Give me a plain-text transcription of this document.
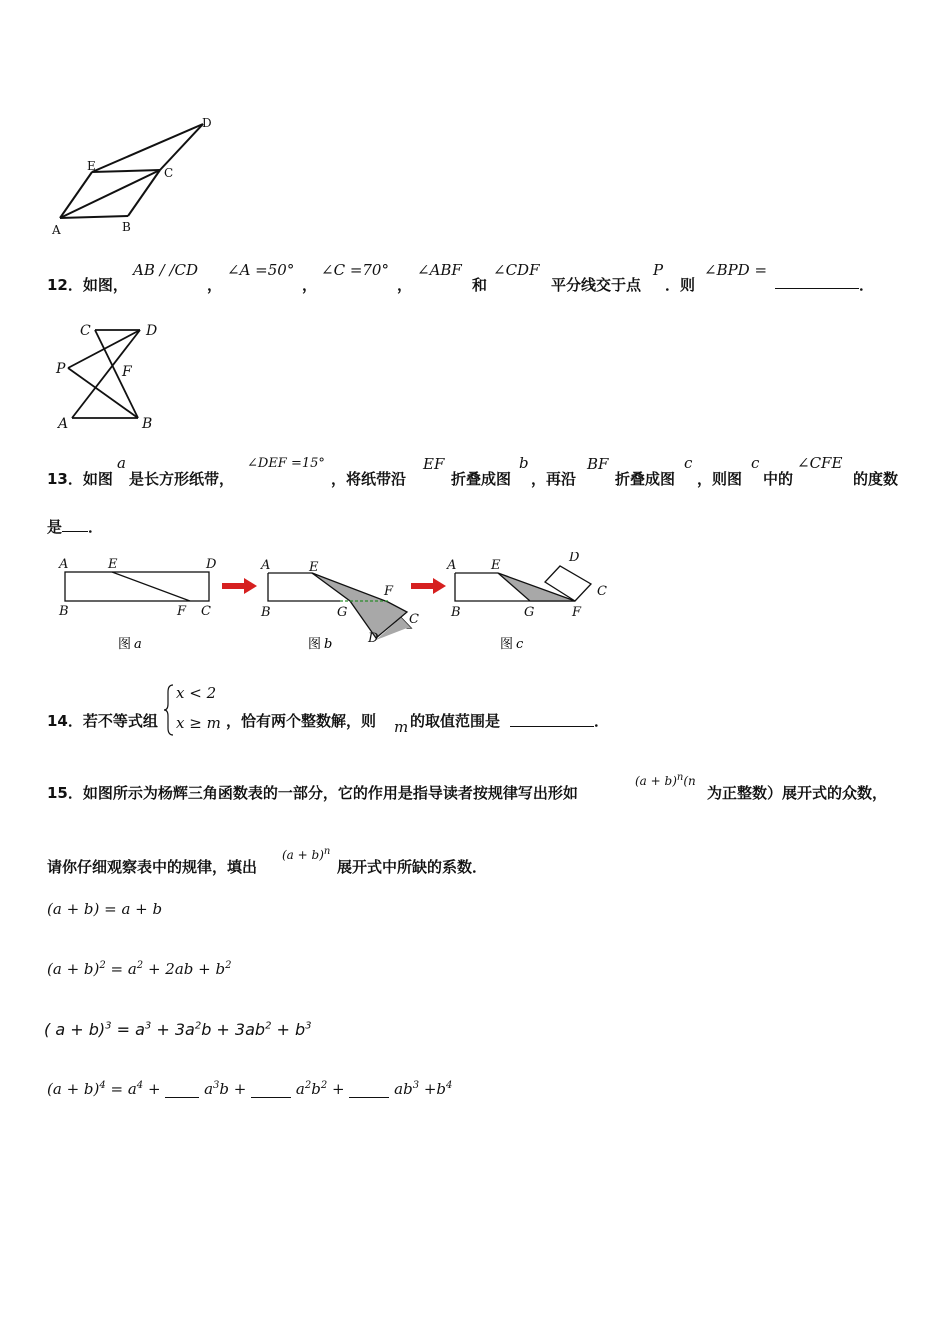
D
E	C
A	B
12．如图，
AB / /CD
，
∠A =50°
，
∠C =70°
，
∠ABF
和
∠CDF
平分线交于点
P
．则
∠BPD =
．
C	D
P	F
A	B
13．如图
a
是长方形纸带，
∠DEF =15°
，将纸带沿
EF
折叠成图
b
，再沿
BF
折叠成图
c
，则图
c
中的
∠CFE
的度数
是 ．
A	E	D
B	F C
图 a
A	E
F
B	G	C
D
图 b
A	E
D
C
B	G	F
图 c
14．若不等式组
x < 2
x ≥ m ，恰有两个整数解，则 m 的取值范围是	．
15．如图所示为杨辉三角函数表的一部分，它的作用是指导读者按规律写出形如
$(a + b)^n(n$
为正整数）展开式的众数，
请你仔细观察表中的规律，填出
$(a + b)^n$
展开式中所缺的系数．
(a + b) = a + b
$(a + b)^2 = a^2 + 2ab + b^2$
( $a + b)^3 = a^3 + 3a^2b + 3ab^2 + b^3$
$(a + b)^4 = a^4$ +	$a^3b$ +	$a^2b^2$ +	$ab^3 +b^4$
